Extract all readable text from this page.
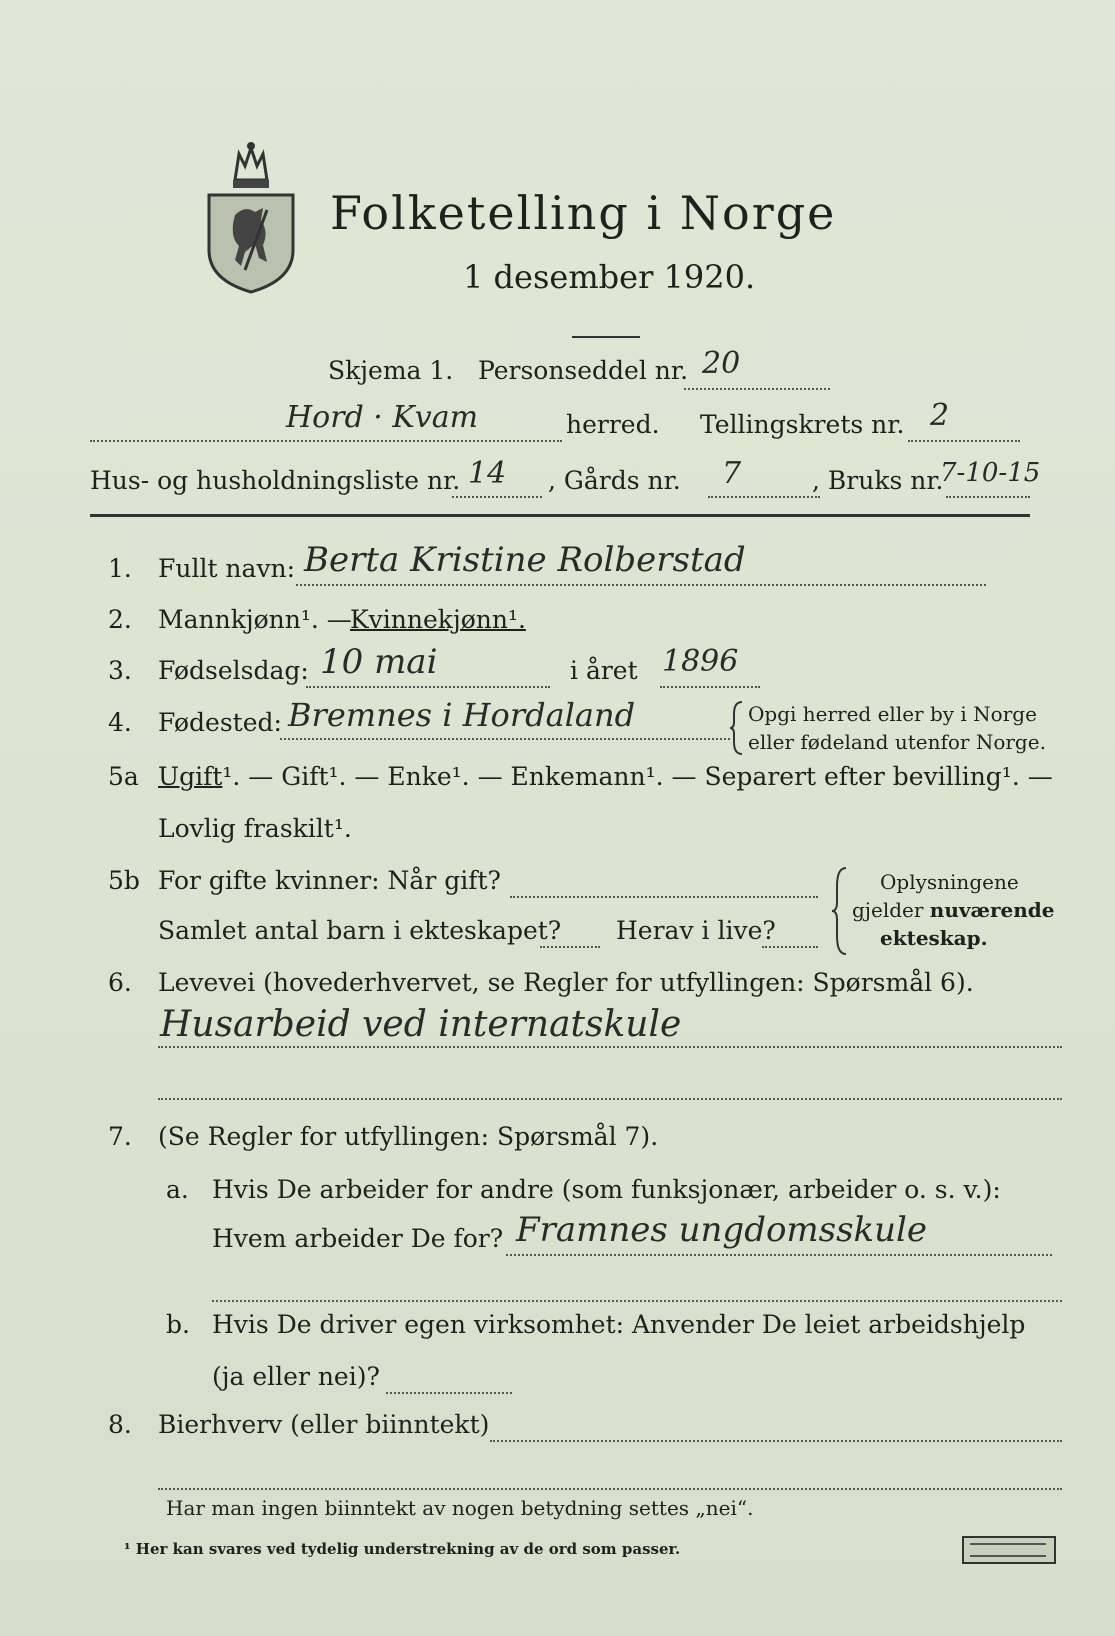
Folketelling i Norge
1 desember 1920.
Skjema 1. Personseddel nr. 20
Hord · Kvam	herred. Tellingskrets nr. 2
Hus- og husholdningsliste nr. 14 , Gårds nr. 7	, Bruks nr.
7-10-15
1. Fullt navn: Berta Kristine Rolberstad
2. Mannkjønn¹. —
Kvinnekjønn¹.
3. Fødselsdag: 10 mai	i året 1896
4. Fødested: Bremnes i Hordaland	Opgi herred eller by i Norge
eller fødeland utenfor Norge.
5a Ugift¹. — Gift¹. — Enke¹. — Enkemann¹. — Separert efter bevilling¹. —
Lovlig fraskilt¹.
5b For gifte kvinner: Når gift?
Samlet antal barn i ekteskapet? Herav i live?
Oplysningene
gjelder nuværende
ekteskap.
6. Levevei (hovederhvervet, se Regler for utfyllingen: Spørsmål 6).
Husarbeid ved internatskule
7. (Se Regler for utfyllingen: Spørsmål 7).
a. Hvis De arbeider for andre (som funksjonær, arbeider o. s. v.):
Hvem arbeider De for? Framnes ungdomsskule
b. Hvis De driver egen virksomhet: Anvender De leiet arbeidshjelp
(ja eller nei)?
8. Bierhverv (eller biinntekt)
Har man ingen biinntekt av nogen betydning settes „nei“.
¹ Her kan svares ved tydelig understrekning av de ord som passer.
